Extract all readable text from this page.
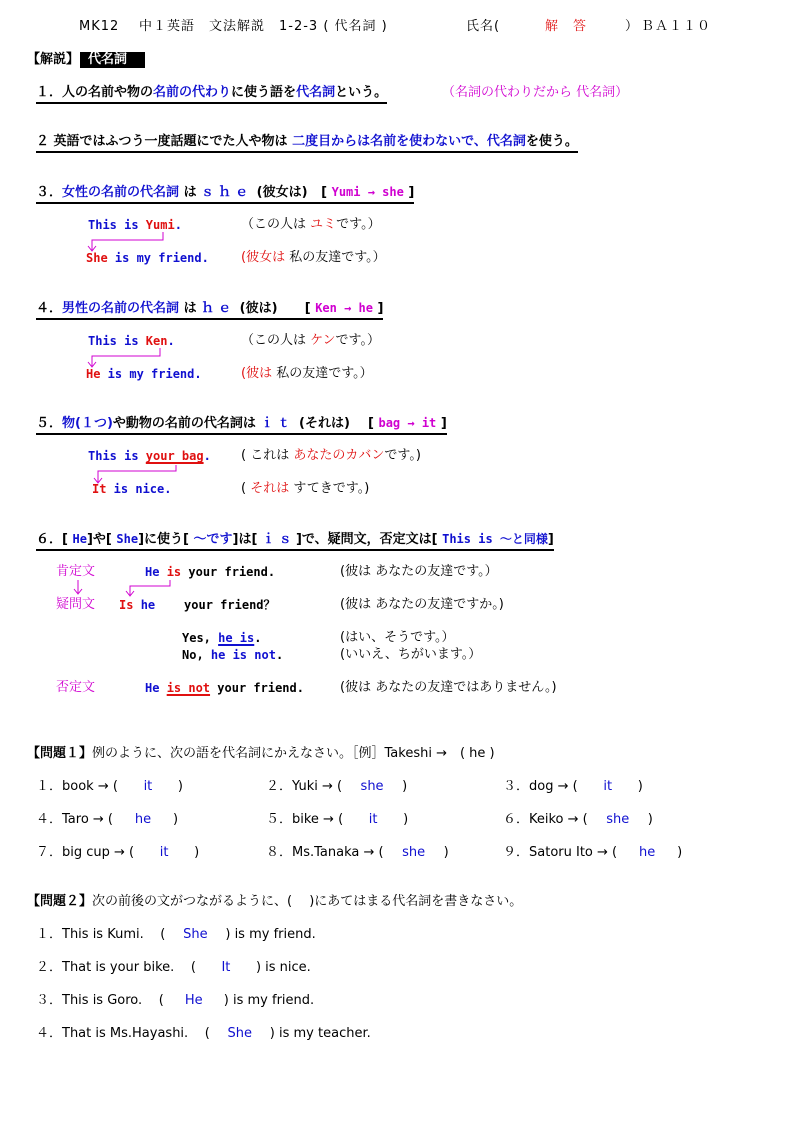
MK12 中１英語　文法解説　1-2-3 ( 代名詞 )	氏名(	解　答	） ＢＡ１１０
【解説】 代名詞
１．人の名前や物の名前の代わりに使う語を代名詞という。	（名詞の代わりだから 代名詞）
２ 英語ではふつう一度話題にでた人や物は 二度目からは名前を使わないで、代名詞を使う。
３．女性の名前の代名詞 は ｓｈｅ (彼女は) [ Yumi → she ]
This is Yumi.	（この人は ユミです。）
She is my friend. (彼女は 私の友達です。）
４．男性の名前の代名詞 は ｈｅ (彼は) [ Ken → he ]
This is Ken.	（この人は ケンです。）
He is my friend.	(彼は 私の友達です。）
５．物(１つ)や動物の名前の代名詞は ｉｔ (それは) [ bag → it ]
This is your bag. ( これは あなたのカバンです。)
It is nice.	( それは すてきです。)
６．[ He]や[ She]に使う[ ～です]は[ ｉｓ]で、疑問文，否定文は[ This is ～と同様]
肯定文	He is your friend.	(彼は あなたの友達です。）
疑問文 Is he your friend？	(彼は あなたの友達ですか。)
Yes, he is.	(はい、そうです。）
No, he is not.	(いいえ、ちがいます。）
否定文	He is not your friend.	(彼は あなたの友達ではありません。)
【問題１】例のように、次の語を代名詞にかえなさい。［例］Takeshi →　( he )
１．book → ( it )	２．Yuki → ( she )	３．dog → ( it )
４．Taro → ( he )	５．bike → ( it )	６．Keiko → ( she )
７．big cup → ( it )	８．Ms.Tanaka → ( she )	９．Satoru Ito → ( he )
【問題２】次の前後の文がつながるように、(　 )にあてはまる代名詞を書きなさい。
１．This is Kumi. ( She ) is my friend.
２．That is your bike. ( It ) is nice.
３．This is Goro. ( He ) is my friend.
４．That is Ms.Hayashi. ( She ) is my teacher.
